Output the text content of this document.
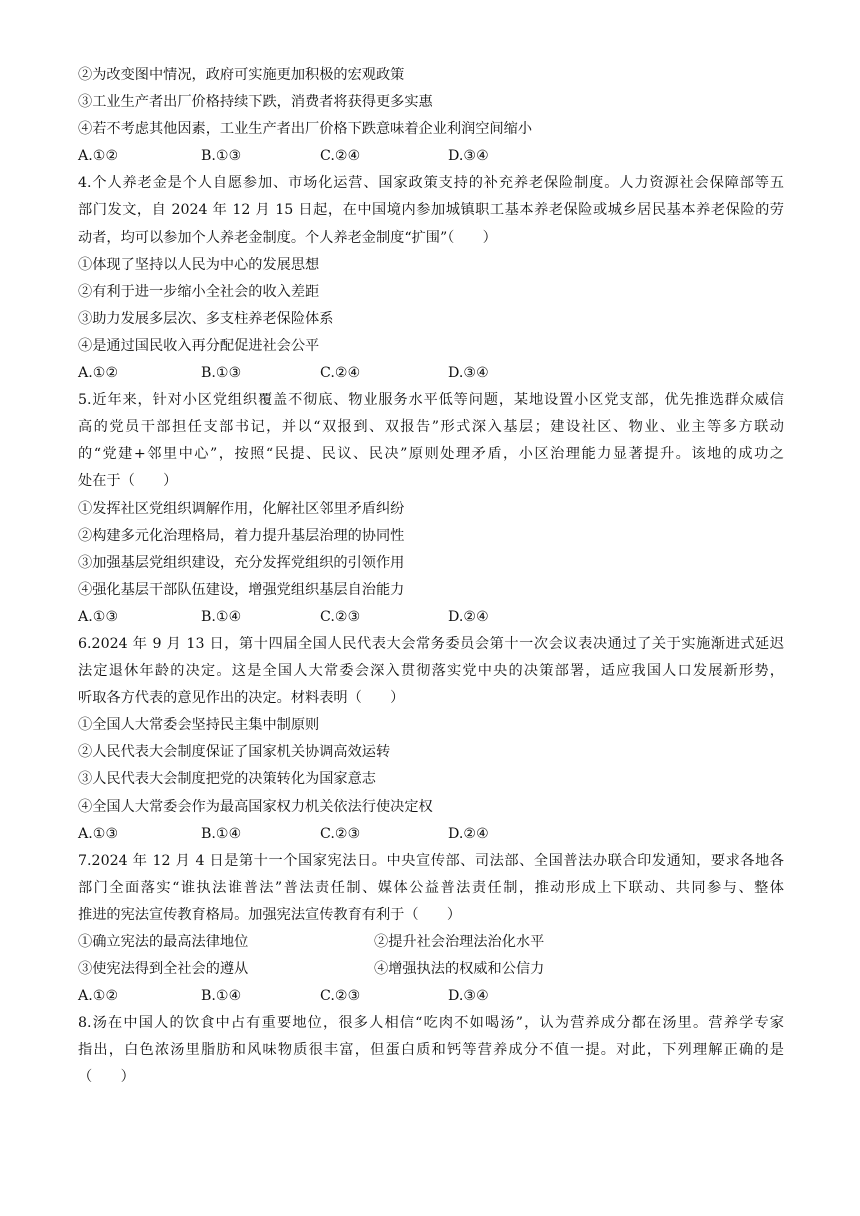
②为改变图中情况，政府可实施更加积极的宏观政策
③工业生产者出厂价格持续下跌，消费者将获得更多实惠
④若不考虑其他因素，工业生产者出厂价格下跌意味着企业利润空间缩小
A.①②	B.①③	C.②④	D.③④
4.个人养老金是个人自愿参加、市场化运营、国家政策支持的补充养老保险制度。人力资源社会保障部等五
部门发文，自 2024 年 12 月 15 日起，在中国境内参加城镇职工基本养老保险或城乡居民基本养老保险的劳
动者，均可以参加个人养老金制度。个人养老金制度“扩围”（　　）
①体现了坚持以人民为中心的发展思想
②有利于进一步缩小全社会的收入差距
③助力发展多层次、多支柱养老保险体系
④是通过国民收入再分配促进社会公平
A.①②	B.①③	C.②④	D.③④
5.近年来，针对小区党组织覆盖不彻底、物业服务水平低等问题，某地设置小区党支部，优先推选群众威信
高的党员干部担任支部书记，并以“双报到、双报告”形式深入基层；建设社区、物业、业主等多方联动
的“党建+邻里中心”，按照“民提、民议、民决”原则处理矛盾，小区治理能力显著提升。该地的成功之
处在于（　　）
①发挥社区党组织调解作用，化解社区邻里矛盾纠纷
②构建多元化治理格局，着力提升基层治理的协同性
③加强基层党组织建设，充分发挥党组织的引领作用
④强化基层干部队伍建设，增强党组织基层自治能力
A.①③	B.①④	C.②③	D.②④
6.2024 年 9 月 13 日，第十四届全国人民代表大会常务委员会第十一次会议表决通过了关于实施渐进式延迟
法定退休年龄的决定。这是全国人大常委会深入贯彻落实党中央的决策部署，适应我国人口发展新形势，
听取各方代表的意见作出的决定。材料表明（　　）
①全国人大常委会坚持民主集中制原则
②人民代表大会制度保证了国家机关协调高效运转
③人民代表大会制度把党的决策转化为国家意志
④全国人大常委会作为最高国家权力机关依法行使决定权
A.①③	B.①④	C.②③	D.②④
7.2024 年 12 月 4 日是第十一个国家宪法日。中央宣传部、司法部、全国普法办联合印发通知，要求各地各
部门全面落实“谁执法谁普法”普法责任制、媒体公益普法责任制，推动形成上下联动、共同参与、整体
推进的宪法宣传教育格局。加强宪法宣传教育有利于（　　）
①确立宪法的最高法律地位	②提升社会治理法治化水平
③使宪法得到全社会的遵从	④增强执法的权威和公信力
A.①②	B.①④	C.②③	D.③④
8.汤在中国人的饮食中占有重要地位，很多人相信“吃肉不如喝汤”，认为营养成分都在汤里。营养学专家
指出，白色浓汤里脂肪和风味物质很丰富，但蛋白质和钙等营养成分不值一提。对此，下列理解正确的是
（　　）
